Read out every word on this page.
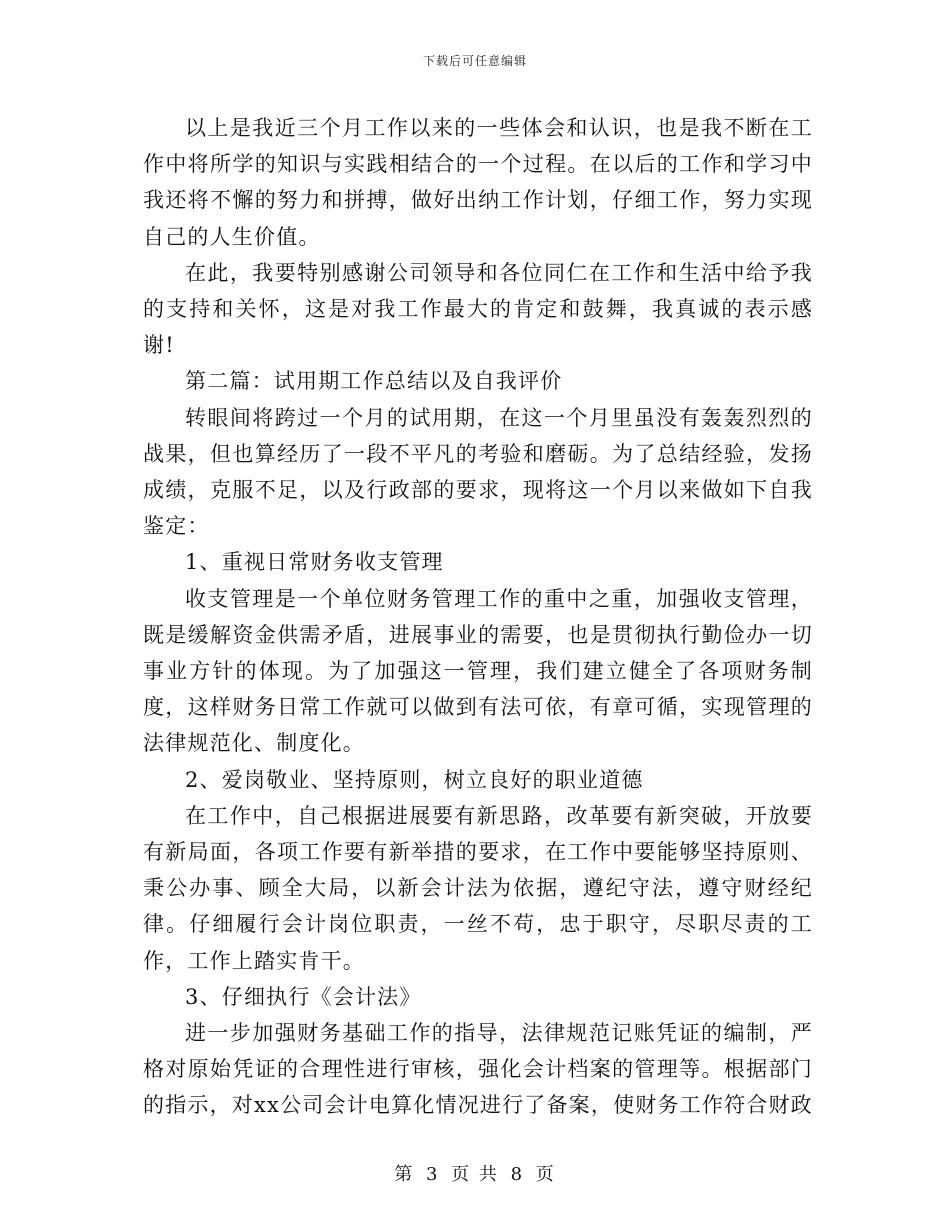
下载后可任意编辑

以上是我近三个月工作以来的一些体会和认识，也是我不断在工作中将所学的知识与实践相结合的一个过程。在以后的工作和学习中我还将不懈的努力和拼搏，做好出纳工作计划，仔细工作，努力实现自己的人生价值。

在此，我要特别感谢公司领导和各位同仁在工作和生活中给予我的支持和关怀，这是对我工作最大的肯定和鼓舞，我真诚的表示感谢!

第二篇：试用期工作总结以及自我评价

转眼间将跨过一个月的试用期，在这一个月里虽没有轰轰烈烈的战果，但也算经历了一段不平凡的考验和磨砺。为了总结经验，发扬成绩，克服不足，以及行政部的要求，现将这一个月以来做如下自我鉴定：

1、重视日常财务收支管理

收支管理是一个单位财务管理工作的重中之重，加强收支管理，既是缓解资金供需矛盾，进展事业的需要，也是贯彻执行勤俭办一切事业方针的体现。为了加强这一管理，我们建立健全了各项财务制度，这样财务日常工作就可以做到有法可依，有章可循，实现管理的法律规范化、制度化。

2、爱岗敬业、坚持原则，树立良好的职业道德

在工作中，自己根据进展要有新思路，改革要有新突破，开放要有新局面，各项工作要有新举措的要求，在工作中要能够坚持原则、秉公办事、顾全大局，以新会计法为依据，遵纪守法，遵守财经纪律。仔细履行会计岗位职责，一丝不苟，忠于职守，尽职尽责的工作，工作上踏实肯干。

3、仔细执行《会计法》

进一步加强财务基础工作的指导，法律规范记账凭证的编制，严格对原始凭证的合理性进行审核，强化会计档案的管理等。根据部门的指示，对xx公司会计电算化情况进行了备案，使财务工作符合财政

第 3 页 共 8 页
